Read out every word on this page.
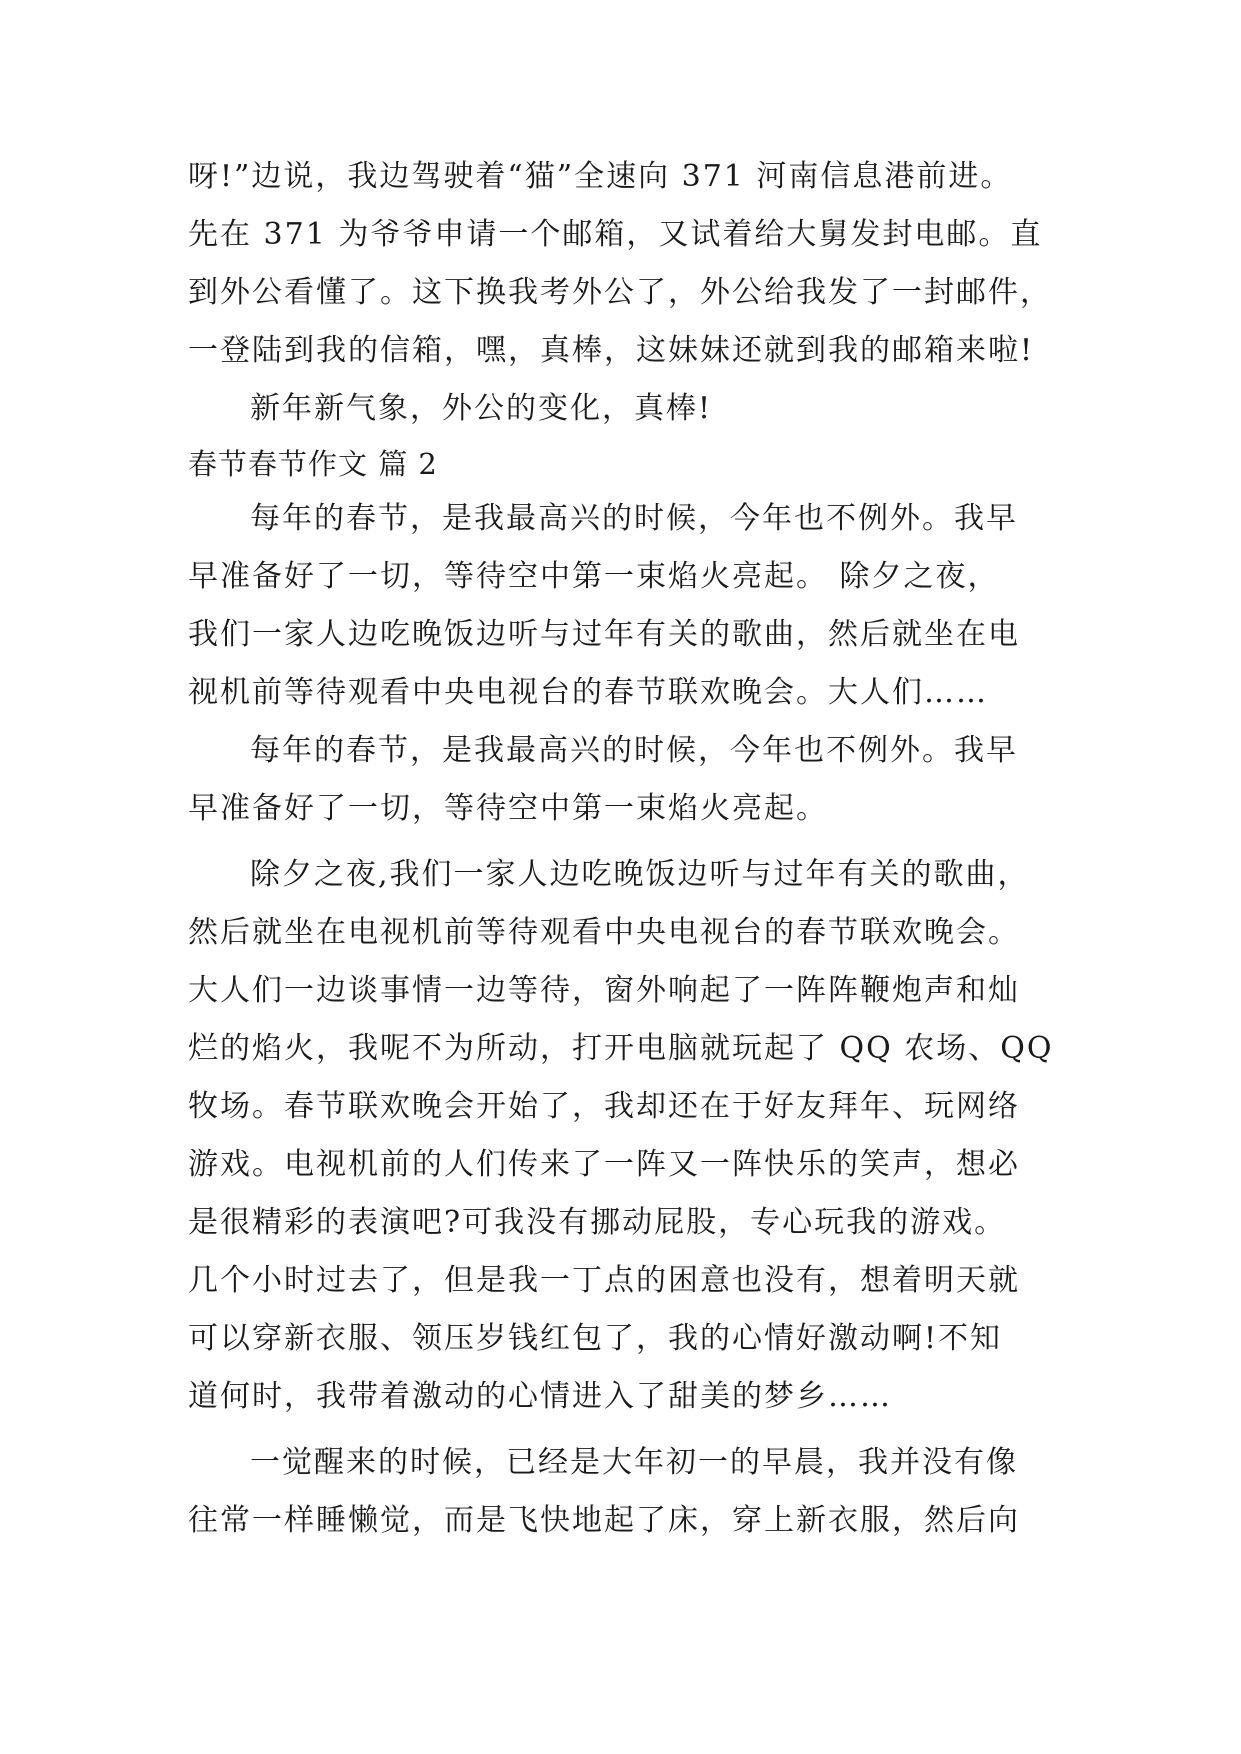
呀!”边说，我边驾驶着“猫”全速向 371 河南信息港前进。
先在 371 为爷爷申请一个邮箱，又试着给大舅发封电邮。直
到外公看懂了。这下换我考外公了，外公给我发了一封邮件，
一登陆到我的信箱，嘿，真棒，这妹妹还就到我的邮箱来啦!
新年新气象，外公的变化，真棒!
春节春节作文 篇 2
每年的春节，是我最高兴的时候，今年也不例外。我早
早准备好了一切，等待空中第一束焰火亮起。 除夕之夜，
我们一家人边吃晚饭边听与过年有关的歌曲，然后就坐在电
视机前等待观看中央电视台的春节联欢晚会。大人们……
每年的春节，是我最高兴的时候，今年也不例外。我早
早准备好了一切，等待空中第一束焰火亮起。
除夕之夜,我们一家人边吃晚饭边听与过年有关的歌曲，
然后就坐在电视机前等待观看中央电视台的春节联欢晚会。
大人们一边谈事情一边等待，窗外响起了一阵阵鞭炮声和灿
烂的焰火，我呢不为所动，打开电脑就玩起了 QQ 农场、QQ
牧场。春节联欢晚会开始了，我却还在于好友拜年、玩网络
游戏。电视机前的人们传来了一阵又一阵快乐的笑声，想必
是很精彩的表演吧?可我没有挪动屁股，专心玩我的游戏。
几个小时过去了，但是我一丁点的困意也没有，想着明天就
可以穿新衣服、领压岁钱红包了，我的心情好激动啊!不知
道何时，我带着激动的心情进入了甜美的梦乡……
一觉醒来的时候，已经是大年初一的早晨，我并没有像
往常一样睡懒觉，而是飞快地起了床，穿上新衣服，然后向
